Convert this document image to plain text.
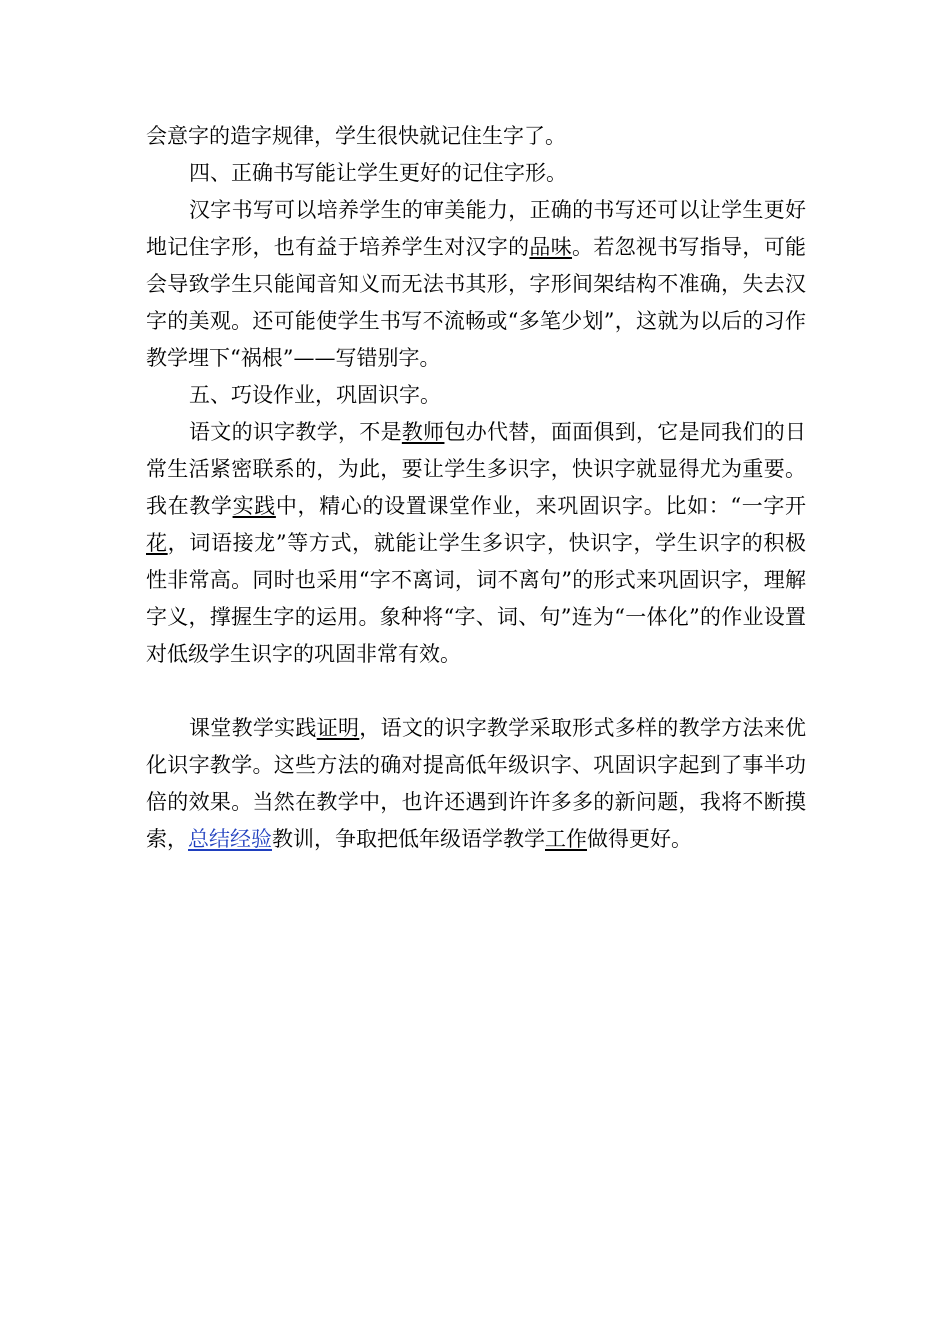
会意字的造字规律，学生很快就记住生字了。

四、正确书写能让学生更好的记住字形。

汉字书写可以培养学生的审美能力，正确的书写还可以让学生更好地记住字形，也有益于培养学生对汉字的品味。若忽视书写指导，可能会导致学生只能闻音知义而无法书其形，字形间架结构不准确，失去汉字的美观。还可能使学生书写不流畅或“多笔少划”，这就为以后的习作教学埋下“祸根”——写错别字。

五、巧设作业，巩固识字。

语文的识字教学，不是教师包办代替，面面俱到，它是同我们的日常生活紧密联系的，为此，要让学生多识字，快识字就显得尤为重要。我在教学实践中，精心的设置课堂作业，来巩固识字。比如：“一字开花，词语接龙”等方式，就能让学生多识字，快识字，学生识字的积极性非常高。同时也采用“字不离词，词不离句”的形式来巩固识字，理解字义，撑握生字的运用。象种将“字、词、句”连为“一体化”的作业设置对低级学生识字的巩固非常有效。

课堂教学实践证明，语文的识字教学采取形式多样的教学方法来优化识字教学。这些方法的确对提高低年级识字、巩固识字起到了事半功倍的效果。当然在教学中，也许还遇到许许多多的新问题，我将不断摸索，总结经验教训，争取把低年级语学教学工作做得更好。
